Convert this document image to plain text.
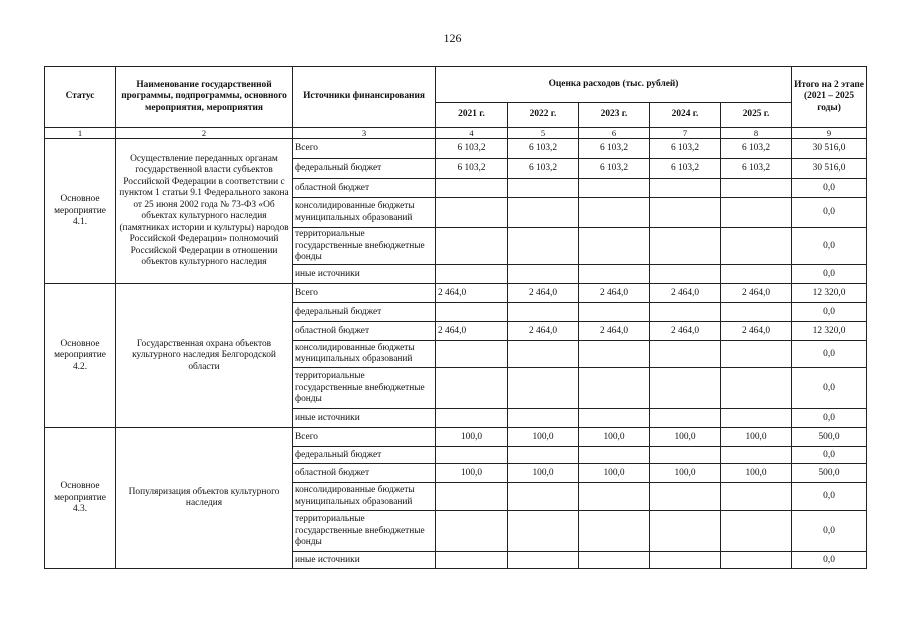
126
Статус	Наименование государственной программы, подпрограммы, основного мероприятия, мероприятия	Источники финансирования	Оценка расходов (тыс. рублей)					Итого на 2 этапе (2021 – 2025 годы)
			2021 г.	2022 г.	2023 г.	2024 г.	2025 г.	
1	2	3	4	5	6	7	8	9
Основное мероприятие 4.1.	Осуществление переданных органам государственной власти субъектов Российской Федерации в соответствии с пунктом 1 статьи 9.1 Федерального закона от 25 июня 2002 года № 73-ФЗ «Об объектах культурного наследия (памятниках истории и культуры) народов Российской Федерации» полномочий Российской Федерации в отношении объектов культурного наследия	Всего	6 103,2	6 103,2	6 103,2	6 103,2	6 103,2	30 516,0
		федеральный бюджет	6 103,2	6 103,2	6 103,2	6 103,2	6 103,2	30 516,0
		областной бюджет						0,0
		консолидированные бюджеты муниципальных образований						0,0
		территориальные государственные внебюджетные фонды						0,0
		иные источники						0,0
Основное мероприятие 4.2.	Государственная охрана объектов культурного наследия Белгородской области	Всего	2 464,0	2 464,0	2 464,0	2 464,0	2 464,0	12 320,0
		федеральный бюджет						0,0
		областной бюджет	2 464,0	2 464,0	2 464,0	2 464,0	2 464,0	12 320,0
		консолидированные бюджеты муниципальных образований						0,0
		территориальные государственные внебюджетные фонды						0,0
		иные источники						0,0
Основное мероприятие 4.3.	Популяризация объектов культурного наследия	Всего	100,0	100,0	100,0	100,0	100,0	500,0
		федеральный бюджет						0,0
		областной бюджет	100,0	100,0	100,0	100,0	100,0	500,0
		консолидированные бюджеты муниципальных образований						0,0
		территориальные государственные внебюджетные фонды						0,0
		иные источники						0,0
